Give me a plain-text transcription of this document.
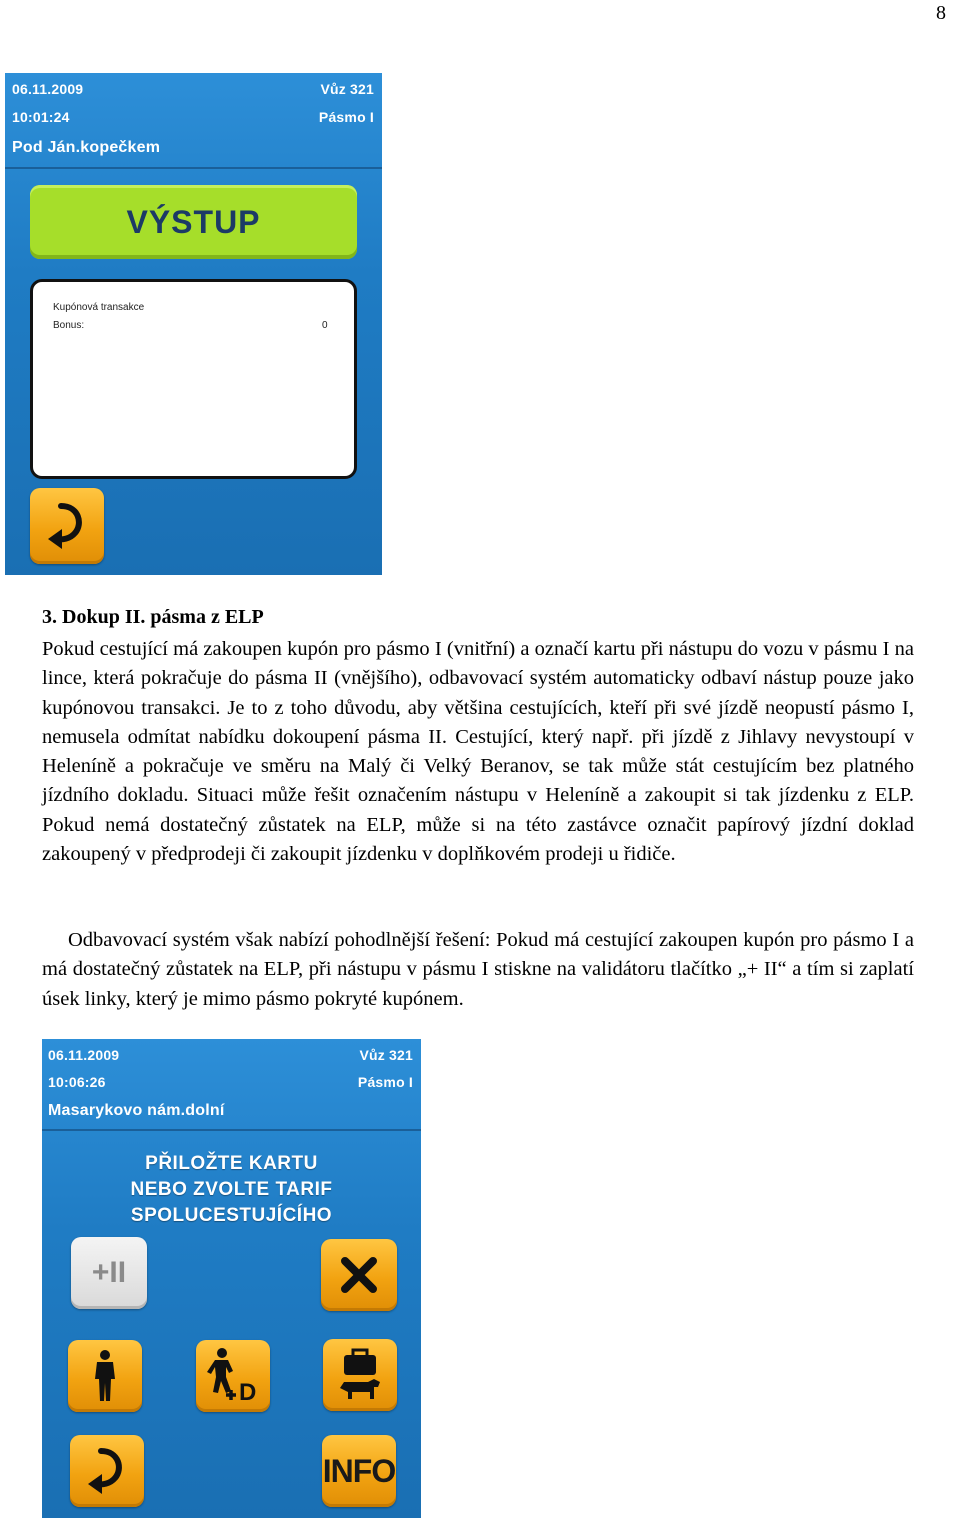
8
06.11.2009
10:01:24
Vůz 321
Pásmo I
Pod Ján.kopečkem
VÝSTUP
Kupónová transakce
Bonus:	0
3. Dokup II. pásma z ELP

Pokud cestující má zakoupen kupón pro pásmo I (vnitřní) a označí kartu při nástupu do vozu v pásmu I na lince, která pokračuje do pásma II (vnějšího), odbavovací systém automaticky odbaví nástup pouze jako kupónovou transakci. Je to z toho důvodu, aby většina cestujících, kteří při své jízdě neopustí pásmo I, nemusela odmítat nabídku dokoupení pásma II. Cestující, který např. při jízdě z Jihlavy nevystoupí v Heleníně a pokračuje ve směru na Malý či Velký Beranov, se tak může stát cestujícím bez platného jízdního dokladu. Situaci může řešit označením nástupu v Heleníně a zakoupit si tak jízdenku z ELP. Pokud nemá dostatečný zůstatek na ELP, může si na této zastávce označit papírový jízdní doklad zakoupený v předprodeji či zakoupit jízdenku v doplňkovém prodeji u řidiče.

Odbavovací systém však nabízí pohodlnější řešení: Pokud má cestující zakoupen kupón pro pásmo I a má dostatečný zůstatek na ELP, při nástupu v pásmu I stiskne na validátoru tlačítko „+ II“ a tím si zaplatí úsek linky, který je mimo pásmo pokryté kupónem.

06.11.2009
10:06:26
Vůz 321
Pásmo I
Masarykovo nám.dolní
PŘILOŽTE KARTU
NEBO ZVOLTE TARIF
SPOLUCESTUJÍCÍHO
+II
D
INFO
